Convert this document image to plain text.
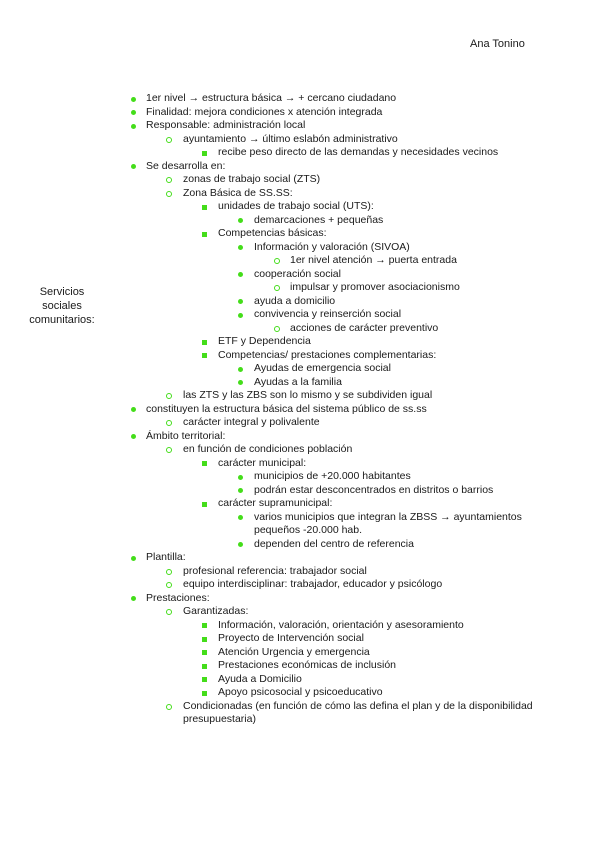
Ana Tonino
Servicios sociales comunitarios:
1er nivel → estructura básica → + cercano ciudadano
Finalidad: mejora condiciones x atención integrada
Responsable: administración local
ayuntamiento → último eslabón administrativo
recibe peso directo de las demandas y necesidades vecinos
Se desarrolla en:
zonas de trabajo social (ZTS)
Zona Básica de SS.SS:
unidades de trabajo social (UTS):
demarcaciones + pequeñas
Competencias básicas:
Información y valoración (SIVOA)
1er nivel atención → puerta entrada
cooperación social
impulsar y promover asociacionismo
ayuda a domicilio
convivencia y reinserción social
acciones de carácter preventivo
ETF y Dependencia
Competencias/ prestaciones complementarias:
Ayudas de emergencia social
Ayudas a la familia
las ZTS y las ZBS son lo mismo y se subdividen igual
constituyen la estructura básica del sistema público de ss.ss
carácter integral y polivalente
Ámbito territorial:
en función de condiciones población
carácter municipal:
municipios de +20.000 habitantes
podrán estar desconcentrados en distritos o barrios
carácter supramunicipal:
varios municipios que integran la ZBSS → ayuntamientos pequeños -20.000 hab.
dependen del centro de referencia
Plantilla:
profesional referencia: trabajador social
equipo interdisciplinar: trabajador, educador y psicólogo
Prestaciones:
Garantizadas:
Información, valoración, orientación y asesoramiento
Proyecto de Intervención social
Atención Urgencia y emergencia
Prestaciones económicas de inclusión
Ayuda a Domicilio
Apoyo psicosocial y psicoeducativo
Condicionadas (en función de cómo las defina el plan y de la disponibilidad presupuestaria)
